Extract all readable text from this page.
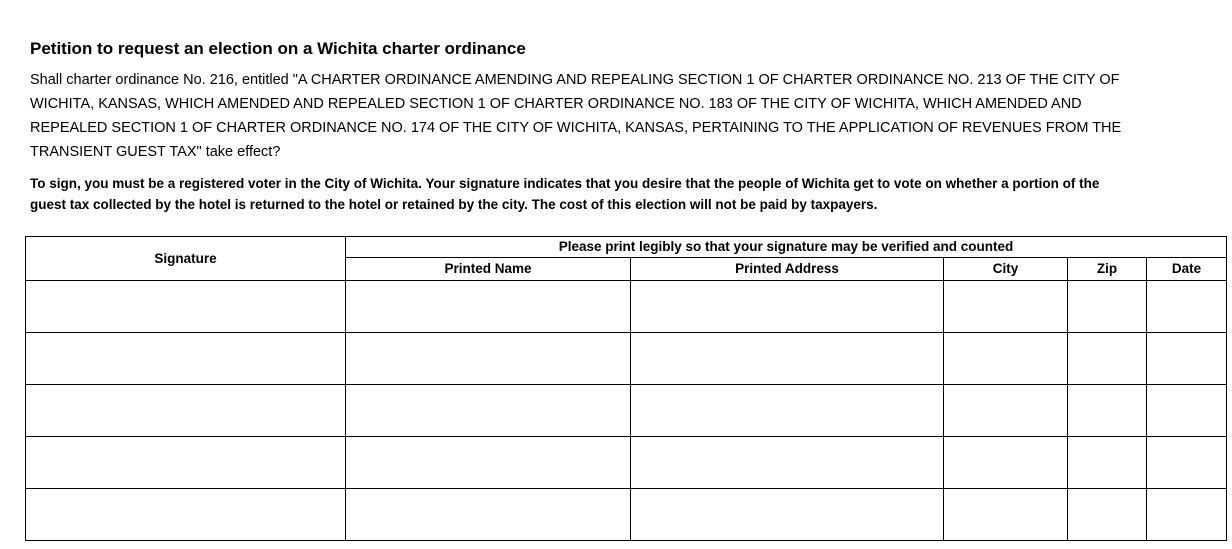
Petition to request an election on a Wichita charter ordinance
Shall charter ordinance No. 216, entitled "A CHARTER ORDINANCE AMENDING AND REPEALING SECTION 1 OF CHARTER ORDINANCE NO. 213 OF THE CITY OF
WICHITA, KANSAS, WHICH AMENDED AND REPEALED SECTION 1 OF CHARTER ORDINANCE NO. 183 OF THE CITY OF WICHITA, WHICH AMENDED AND
REPEALED SECTION 1 OF CHARTER ORDINANCE NO. 174 OF THE CITY OF WICHITA, KANSAS, PERTAINING TO THE APPLICATION OF REVENUES FROM THE
TRANSIENT GUEST TAX" take effect?
To sign, you must be a registered voter in the City of Wichita. Your signature indicates that you desire that the people of Wichita get to vote on whether a portion of the
guest tax collected by the hotel is returned to the hotel or retained by the city. The cost of this election will not be paid by taxpayers.
Signature	Please print legibly so that your signature may be verified and counted				
	Printed Name	Printed Address	City	Zip	Date
